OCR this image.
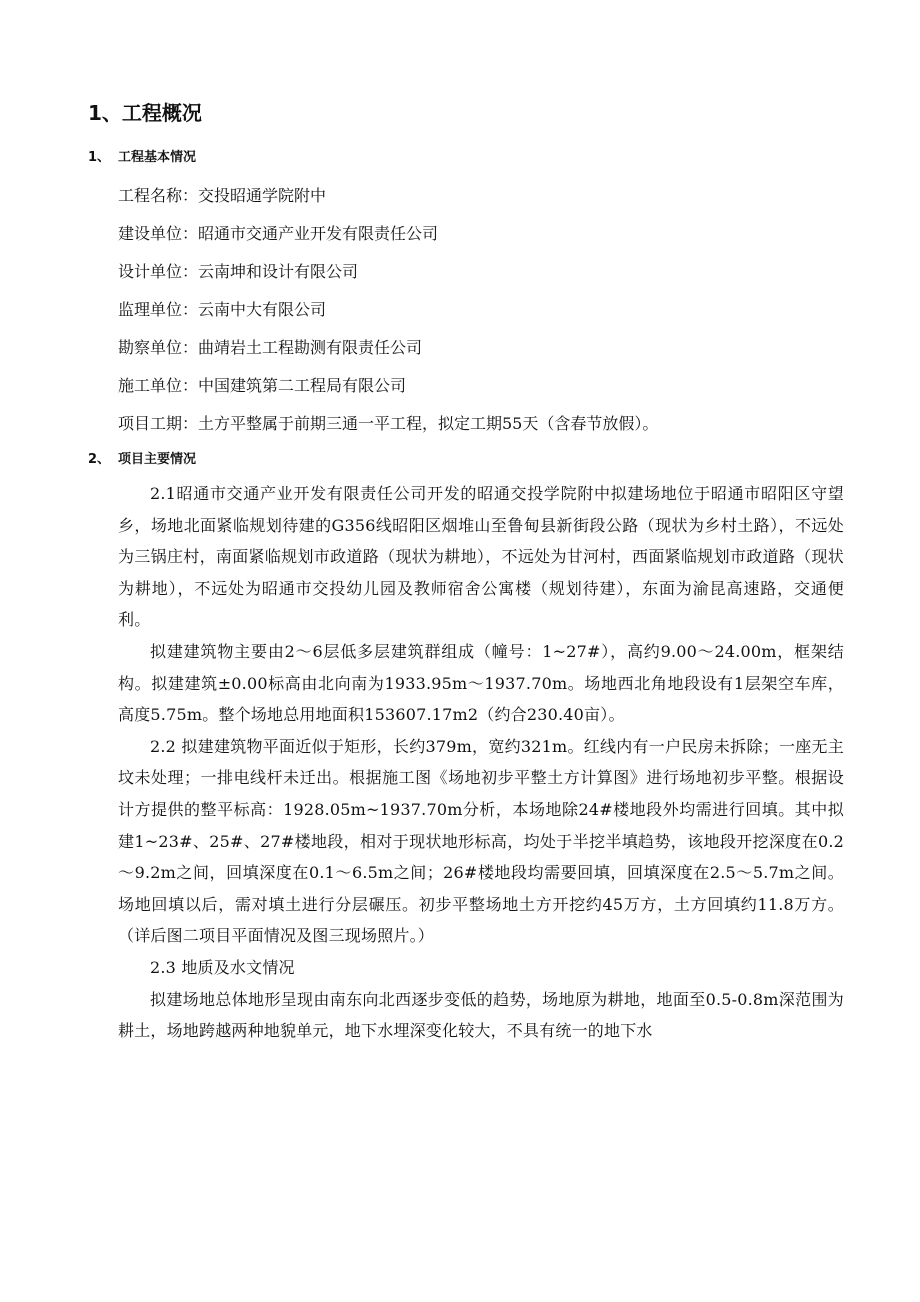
1、工程概况
1、 工程基本情况
工程名称：交投昭通学院附中
建设单位：昭通市交通产业开发有限责任公司
设计单位：云南坤和设计有限公司
监理单位：云南中大有限公司
勘察单位：曲靖岩土工程勘测有限责任公司
施工单位：中国建筑第二工程局有限公司
项目工期：土方平整属于前期三通一平工程，拟定工期55天（含春节放假）。
2、 项目主要情况

2.1昭通市交通产业开发有限责任公司开发的昭通交投学院附中拟建场地位于昭通市昭阳区守望乡，场地北面紧临规划待建的G356线昭阳区烟堆山至鲁甸县新街段公路（现状为乡村土路），不远处为三锅庄村，南面紧临规划市政道路（现状为耕地），不远处为甘河村，西面紧临规划市政道路（现状为耕地），不远处为昭通市交投幼儿园及教师宿舍公寓楼（规划待建），东面为渝昆高速路，交通便利。

拟建建筑物主要由2～6层低多层建筑群组成（幢号：1~27#），高约9.00～24.00m，框架结构。拟建建筑±0.00标高由北向南为1933.95m～1937.70m。场地西北角地段设有1层架空车库，高度5.75m。整个场地总用地面积153607.17m2（约合230.40亩）。

2.2 拟建建筑物平面近似于矩形，长约379m，宽约321m。红线内有一户民房未拆除；一座无主坟未处理；一排电线杆未迁出。根据施工图《场地初步平整土方计算图》进行场地初步平整。根据设计方提供的整平标高：1928.05m~1937.70m分析，本场地除24#楼地段外均需进行回填。其中拟建1~23#、25#、27#楼地段，相对于现状地形标高，均处于半挖半填趋势，该地段开挖深度在0.2～9.2m之间，回填深度在0.1～6.5m之间；26#楼地段均需要回填，回填深度在2.5～5.7m之间。场地回填以后，需对填土进行分层碾压。初步平整场地土方开挖约45万方，土方回填约11.8万方。（详后图二项目平面情况及图三现场照片。）

2.3 地质及水文情况

拟建场地总体地形呈现由南东向北西逐步变低的趋势，场地原为耕地，地面至0.5-0.8m深范围为耕土，场地跨越两种地貌单元，地下水埋深变化较大，不具有统一的地下水
